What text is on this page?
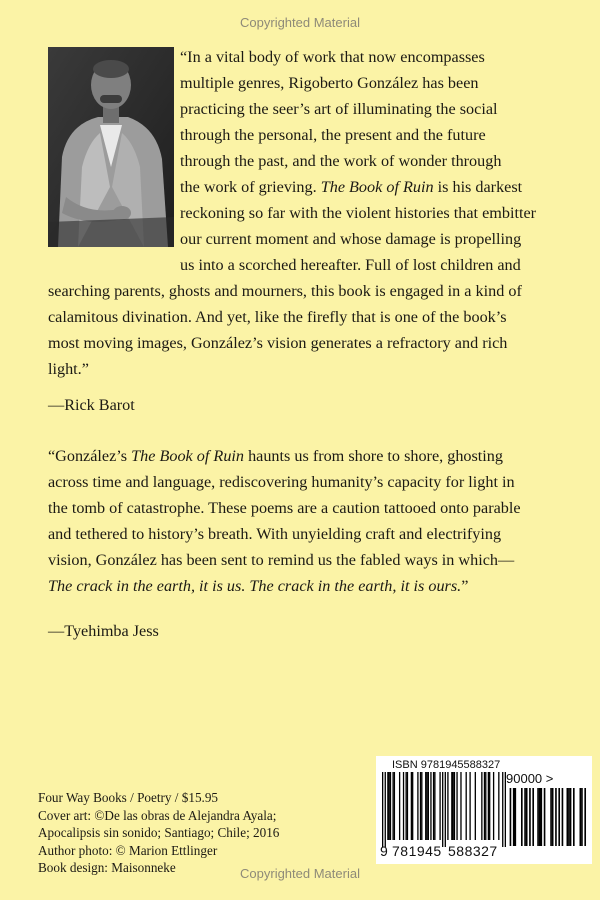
Copyrighted Material
“In a vital body of work that now encompasses
multiple genres, Rigoberto González has been
practicing the seer’s art of illuminating the social
through the personal, the present and the future
through the past, and the work of wonder through
the work of grieving. The Book of Ruin is his darkest
reckoning so far with the violent histories that embitter
our current moment and whose damage is propelling
us into a scorched hereafter. Full of lost children and
searching parents, ghosts and mourners, this book is engaged in a kind of
calamitous divination. And yet, like the firefly that is one of the book’s
most moving images, González’s vision generates a refractory and rich
light.”
—Rick Barot
“González’s The Book of Ruin haunts us from shore to shore, ghosting
across time and language, rediscovering humanity’s capacity for light in
the tomb of catastrophe. These poems are a caution tattooed onto parable
and tethered to history’s breath. With unyielding craft and electrifying
vision, González has been sent to remind us the fabled ways in which—
The crack in the earth, it is us. The crack in the earth, it is ours.”
—Tyehimba Jess
Four Way Books / Poetry / $15.95
Cover art: ©De las obras de Alejandra Ayala;
Apocalipsis sin sonido; Santiago; Chile; 2016
Author photo: © Marion Ettlinger
Book design: Maisonneke
ISBN 9781945588327
90000 >
9 781945 588327
Copyrighted Material
